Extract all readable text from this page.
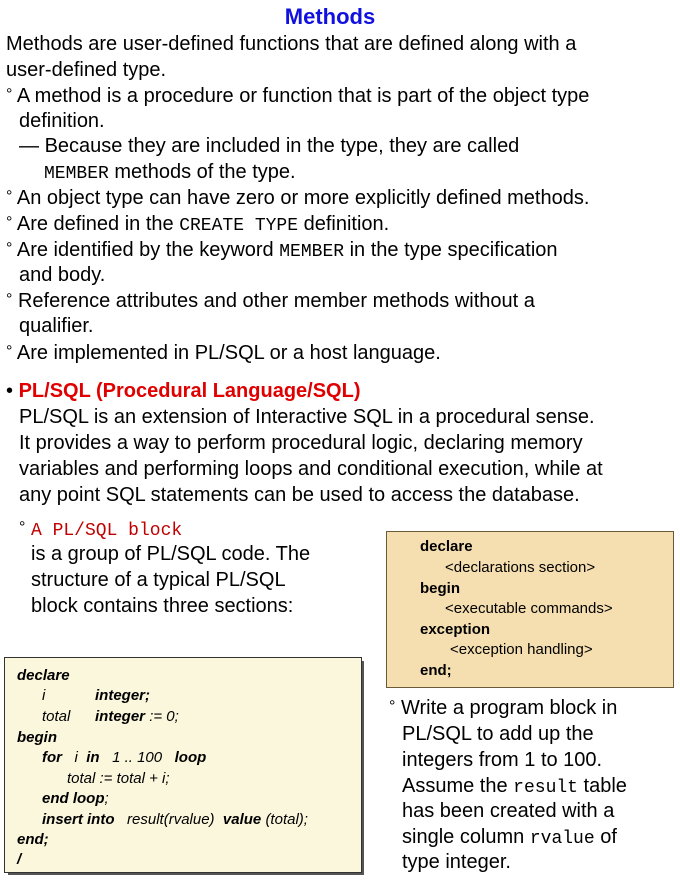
Methods
Methods are user-defined functions that are defined along with a
user-defined type.
° A method is a procedure or function that is part of the object type
definition.
— Because they are included in the type, they are called
MEMBER methods of the type.
° An object type can have zero or more explicitly defined methods.
° Are defined in the CREATE TYPE definition.
° Are identified by the keyword MEMBER in the type specification
and body.
° Reference attributes and other member methods without a
qualifier.
° Are implemented in PL/SQL or a host language.
• PL/SQL (Procedural Language/SQL)
PL/SQL is an extension of Interactive SQL in a procedural sense.
It provides a way to perform procedural logic, declaring memory
variables and performing loops and conditional execution, while at
any point SQL statements can be used to access the database.
° A PL/SQL block
is a group of PL/SQL code. The
structure of a typical PL/SQL
block contains three sections:
declare
<declarations section>
begin
<executable commands>
exception
<exception handling>
end;
declare
i	integer;
total integer := 0;
begin
for i in 1 .. 100 loop
total := total + i;
end loop;
insert into result(rvalue) value (total);
end;
/
° Write a program block in
PL/SQL to add up the
integers from 1 to 100.
Assume the result table
has been created with a
single column rvalue of
type integer.
